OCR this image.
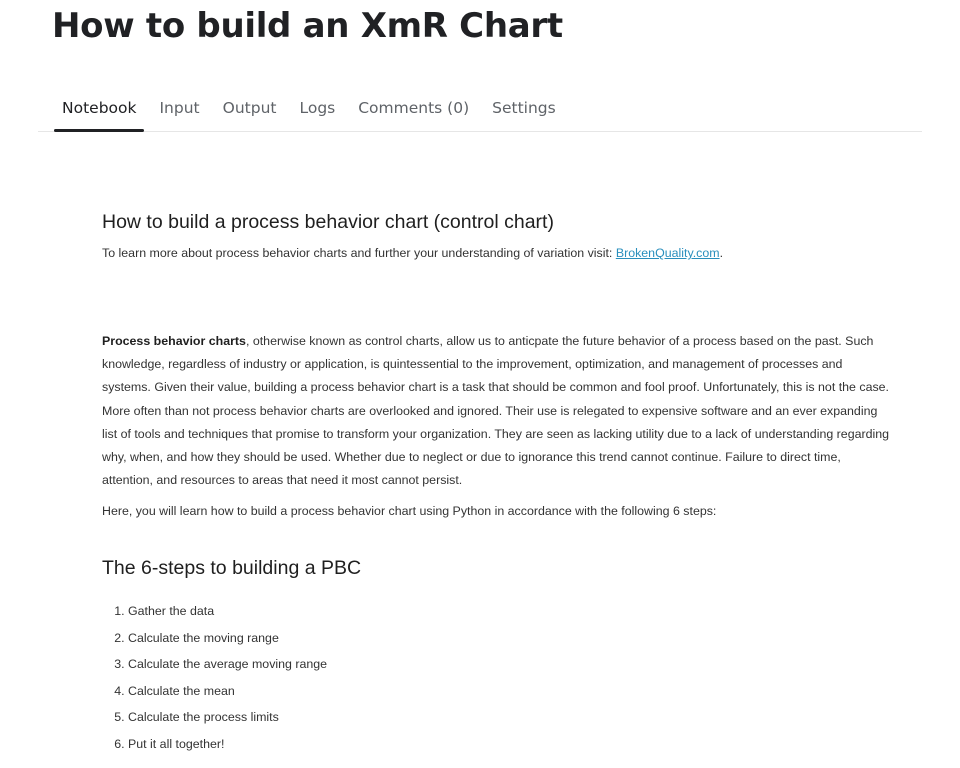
How to build an XmR Chart
Notebook	Input	Output	Logs	Comments (0)	Settings
How to build a process behavior chart (control chart)

To learn more about process behavior charts and further your understanding of variation visit: BrokenQuality.com.

Process behavior charts, otherwise known as control charts, allow us to anticpate the future behavior of a process based on the past. Such knowledge, regardless of industry or application, is quintessential to the improvement, optimization, and management of processes and systems. Given their value, building a process behavior chart is a task that should be common and fool proof. Unfortunately, this is not the case. More often than not process behavior charts are overlooked and ignored. Their use is relegated to expensive software and an ever expanding list of tools and techniques that promise to transform your organization. They are seen as lacking utility due to a lack of understanding regarding why, when, and how they should be used. Whether due to neglect or due to ignorance this trend cannot continue. Failure to direct time, attention, and resources to areas that need it most cannot persist.

Here, you will learn how to build a process behavior chart using Python in accordance with the following 6 steps:

The 6-steps to building a PBC
1. Gather the data
2. Calculate the moving range
3. Calculate the average moving range
4. Calculate the mean
5. Calculate the process limits
6. Put it all together!
